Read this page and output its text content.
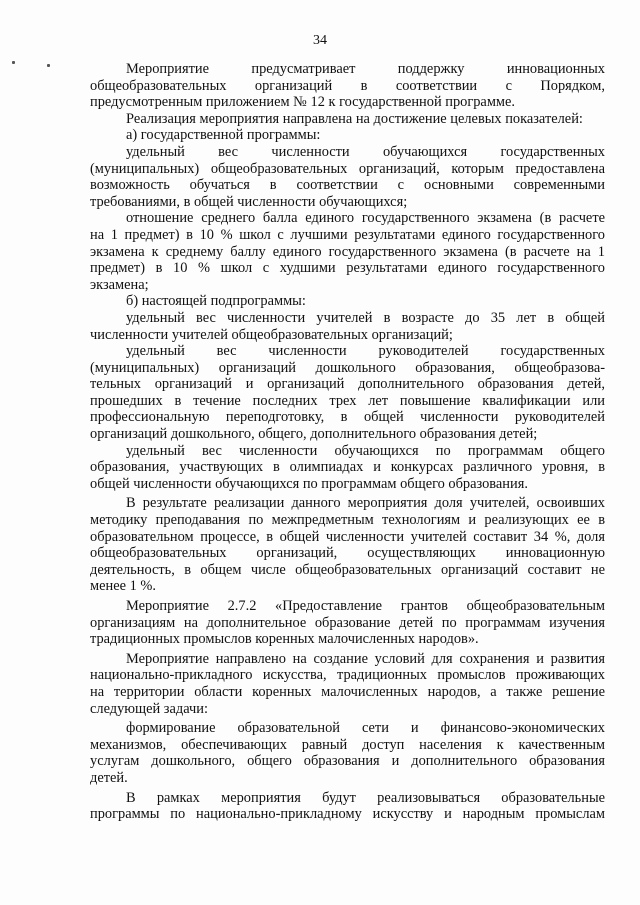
34
Мероприятие предусматривает поддержку инновационных
общеобразовательных организаций в соответствии с Порядком,
предусмотренным приложением № 12 к государственной программе.
Реализация мероприятия направлена на достижение целевых показателей:
а) государственной программы:
удельный вес численности обучающихся государственных
(муниципальных) общеобразовательных организаций, которым предоставлена
возможность обучаться в соответствии с основными современными
требованиями, в общей численности обучающихся;
отношение среднего балла единого государственного экзамена (в расчете
на 1 предмет) в 10 % школ с лучшими результатами единого государственного
экзамена к среднему баллу единого государственного экзамена (в расчете на 1
предмет) в 10 % школ с худшими результатами единого государственного
экзамена;
б) настоящей подпрограммы:
удельный вес численности учителей в возрасте до 35 лет в общей
численности учителей общеобразовательных организаций;
удельный вес численности руководителей государственных
(муниципальных) организаций дошкольного образования, общеобразова-
тельных организаций и организаций дополнительного образования детей,
прошедших в течение последних трех лет повышение квалификации или
профессиональную переподготовку, в общей численности руководителей
организаций дошкольного, общего, дополнительного образования детей;
удельный вес численности обучающихся по программам общего
образования, участвующих в олимпиадах и конкурсах различного уровня, в
общей численности обучающихся по программам общего образования.
В результате реализации данного мероприятия доля учителей, освоивших
методику преподавания по межпредметным технологиям и реализующих ее в
образовательном процессе, в общей численности учителей составит 34 %, доля
общеобразовательных организаций, осуществляющих инновационную
деятельность, в общем числе общеобразовательных организаций составит не
менее 1 %.
Мероприятие 2.7.2 «Предоставление грантов общеобразовательным
организациям на дополнительное образование детей по программам изучения
традиционных промыслов коренных малочисленных народов».
Мероприятие направлено на создание условий для сохранения и развития
национально-прикладного искусства, традиционных промыслов проживающих
на территории области коренных малочисленных народов, а также решение
следующей задачи:
формирование образовательной сети и финансово-экономических
механизмов, обеспечивающих равный доступ населения к качественным
услугам дошкольного, общего образования и дополнительного образования
детей.
В рамках мероприятия будут реализовываться образовательные
программы по национально-прикладному искусству и народным промыслам
